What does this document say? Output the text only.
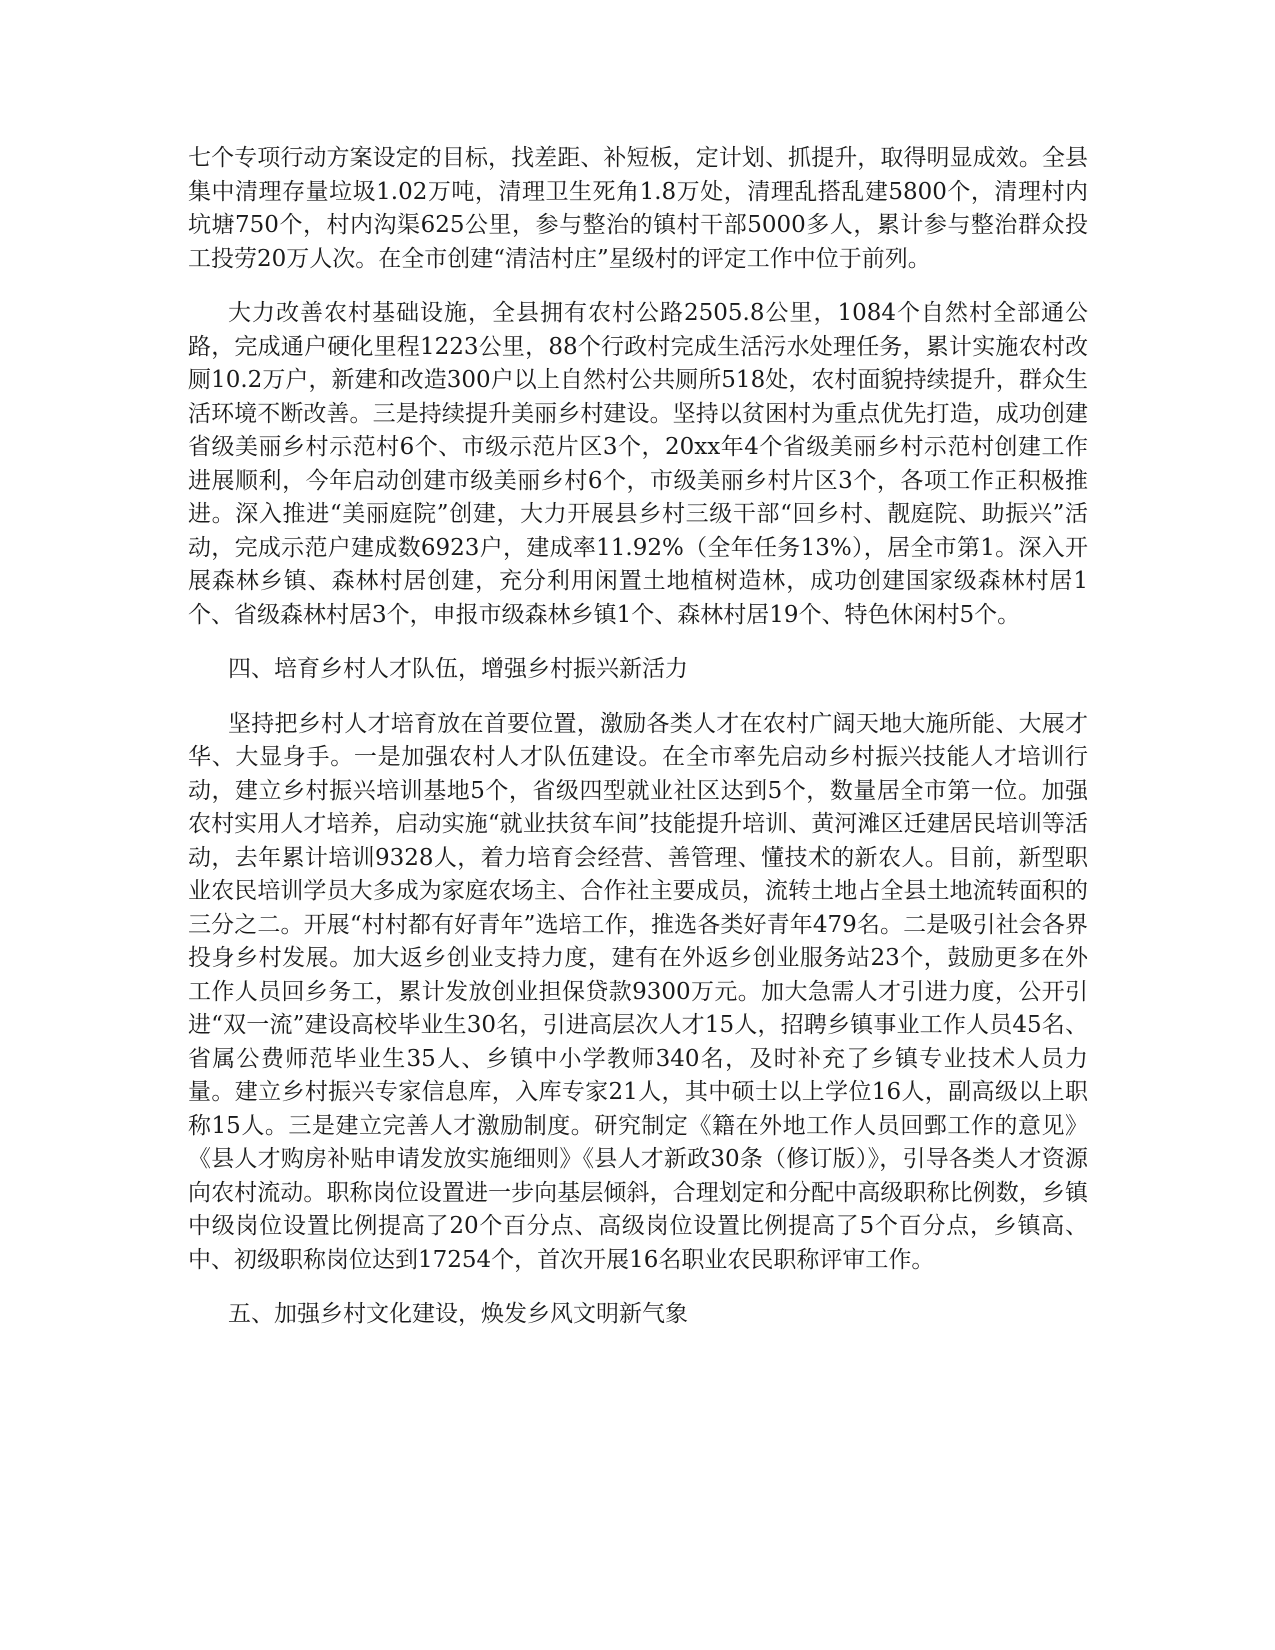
七个专项行动方案设定的目标，找差距、补短板，定计划、抓提升，取得明显成效。全县集中清理存量垃圾1.02万吨，清理卫生死角1.8万处，清理乱搭乱建5800个，清理村内坑塘750个，村内沟渠625公里，参与整治的镇村干部5000多人，累计参与整治群众投工投劳20万人次。在全市创建“清洁村庄”星级村的评定工作中位于前列。

大力改善农村基础设施，全县拥有农村公路2505.8公里，1084个自然村全部通公路，完成通户硬化里程1223公里，88个行政村完成生活污水处理任务，累计实施农村改厕10.2万户，新建和改造300户以上自然村公共厕所518处，农村面貌持续提升，群众生活环境不断改善。三是持续提升美丽乡村建设。坚持以贫困村为重点优先打造，成功创建省级美丽乡村示范村6个、市级示范片区3个，20xx年4个省级美丽乡村示范村创建工作进展顺利，今年启动创建市级美丽乡村6个，市级美丽乡村片区3个，各项工作正积极推进。深入推进“美丽庭院”创建，大力开展县乡村三级干部“回乡村、靓庭院、助振兴”活动，完成示范户建成数6923户，建成率11.92%（全年任务13%），居全市第1。深入开展森林乡镇、森林村居创建，充分利用闲置土地植树造林，成功创建国家级森林村居1个、省级森林村居3个，申报市级森林乡镇1个、森林村居19个、特色休闲村5个。

四、培育乡村人才队伍，增强乡村振兴新活力

坚持把乡村人才培育放在首要位置，激励各类人才在农村广阔天地大施所能、大展才华、大显身手。一是加强农村人才队伍建设。在全市率先启动乡村振兴技能人才培训行动，建立乡村振兴培训基地5个，省级四型就业社区达到5个，数量居全市第一位。加强农村实用人才培养，启动实施“就业扶贫车间”技能提升培训、黄河滩区迁建居民培训等活动，去年累计培训9328人，着力培育会经营、善管理、懂技术的新农人。目前，新型职业农民培训学员大多成为家庭农场主、合作社主要成员，流转土地占全县土地流转面积的三分之二。开展“村村都有好青年”选培工作，推选各类好青年479名。二是吸引社会各界投身乡村发展。加大返乡创业支持力度，建有在外返乡创业服务站23个，鼓励更多在外工作人员回乡务工，累计发放创业担保贷款9300万元。加大急需人才引进力度，公开引进“双一流”建设高校毕业生30名，引进高层次人才15人，招聘乡镇事业工作人员45名、省属公费师范毕业生35人、乡镇中小学教师340名，及时补充了乡镇专业技术人员力量。建立乡村振兴专家信息库，入库专家21人，其中硕士以上学位16人，副高级以上职称15人。三是建立完善人才激励制度。研究制定《籍在外地工作人员回鄄工作的意见》《县人才购房补贴申请发放实施细则》《县人才新政30条（修订版）》，引导各类人才资源向农村流动。职称岗位设置进一步向基层倾斜，合理划定和分配中高级职称比例数，乡镇中级岗位设置比例提高了20个百分点、高级岗位设置比例提高了5个百分点，乡镇高、中、初级职称岗位达到17254个，首次开展16名职业农民职称评审工作。

五、加强乡村文化建设，焕发乡风文明新气象
